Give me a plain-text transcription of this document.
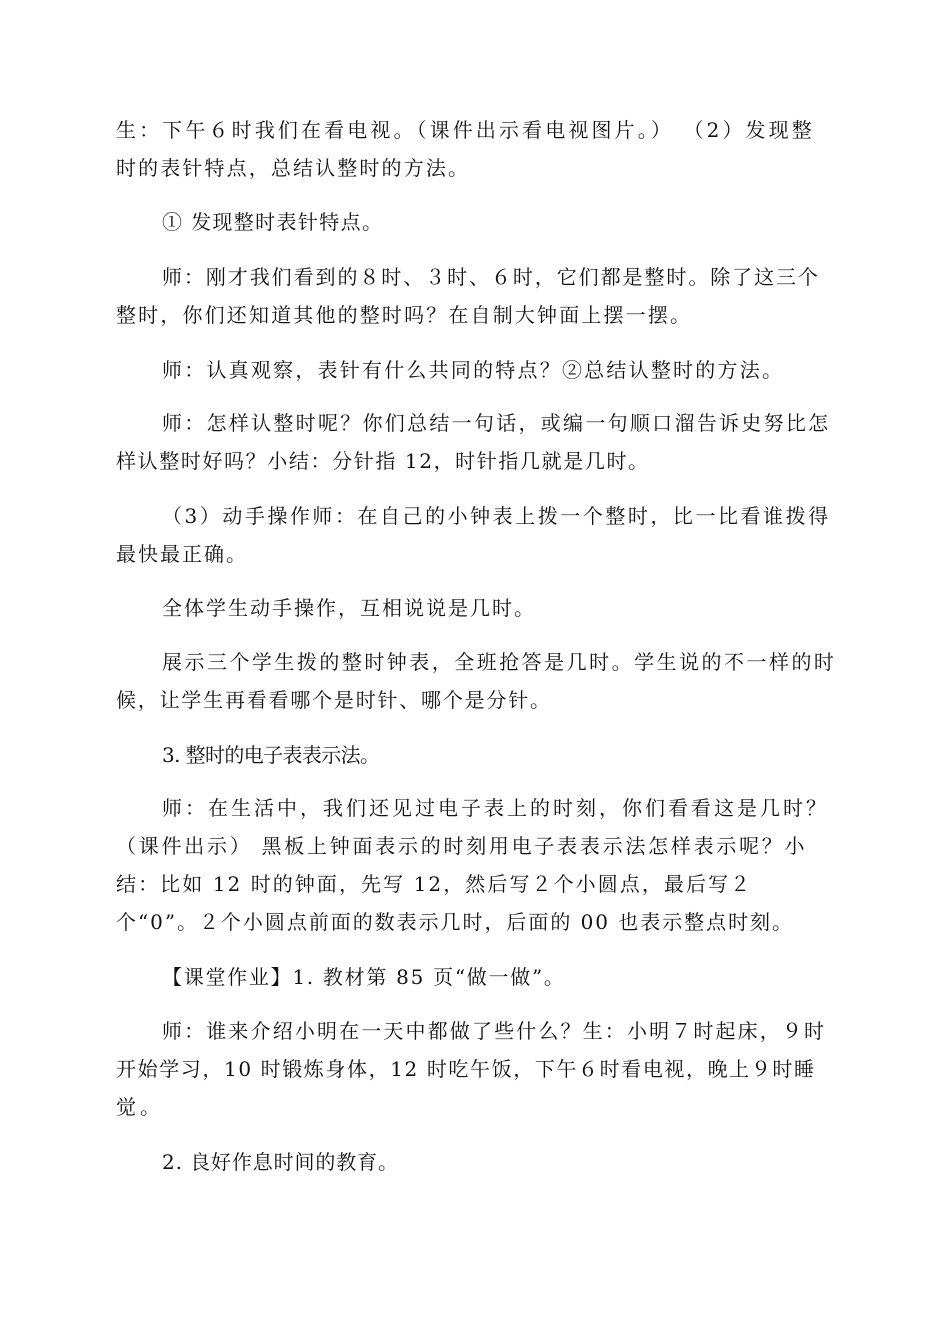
生：下午６时我们在看电视。（课件出示看电视图片。） （2）发现整
时的表针特点，总结认整时的方法。
① 发现整时表针特点。
师：刚才我们看到的８时、３时、６时，它们都是整时。除了这三个
整时，你们还知道其他的整时吗？在自制大钟面上摆一摆。
师：认真观察，表针有什么共同的特点？②总结认整时的方法。
师：怎样认整时呢？你们总结一句话，或编一句顺口溜告诉史努比怎
样认整时好吗？小结：分针指 12，时针指几就是几时。
（3）动手操作师：在自己的小钟表上拨一个整时，比一比看谁拨得
最快最正确。
全体学生动手操作，互相说说是几时。
展示三个学生拨的整时钟表，全班抢答是几时。学生说的不一样的时
候，让学生再看看哪个是时针、哪个是分针。
3. 整时的电子表表示法。
师：在生活中，我们还见过电子表上的时刻，你们看看这是几时？
（课件出示） 黑板上钟面表示的时刻用电子表表示法怎样表示呢？小
结：比如 12 时的钟面，先写 12，然后写２个小圆点，最后写２
个“0”。２个小圆点前面的数表示几时，后面的 00 也表示整点时刻。
【课堂作业】1. 教材第 85 页“做一做”。
师：谁来介绍小明在一天中都做了些什么？生：小明７时起床，９时
开始学习，10 时锻炼身体，12 时吃午饭，下午６时看电视，晚上９时睡
觉。
2. 良好作息时间的教育。
